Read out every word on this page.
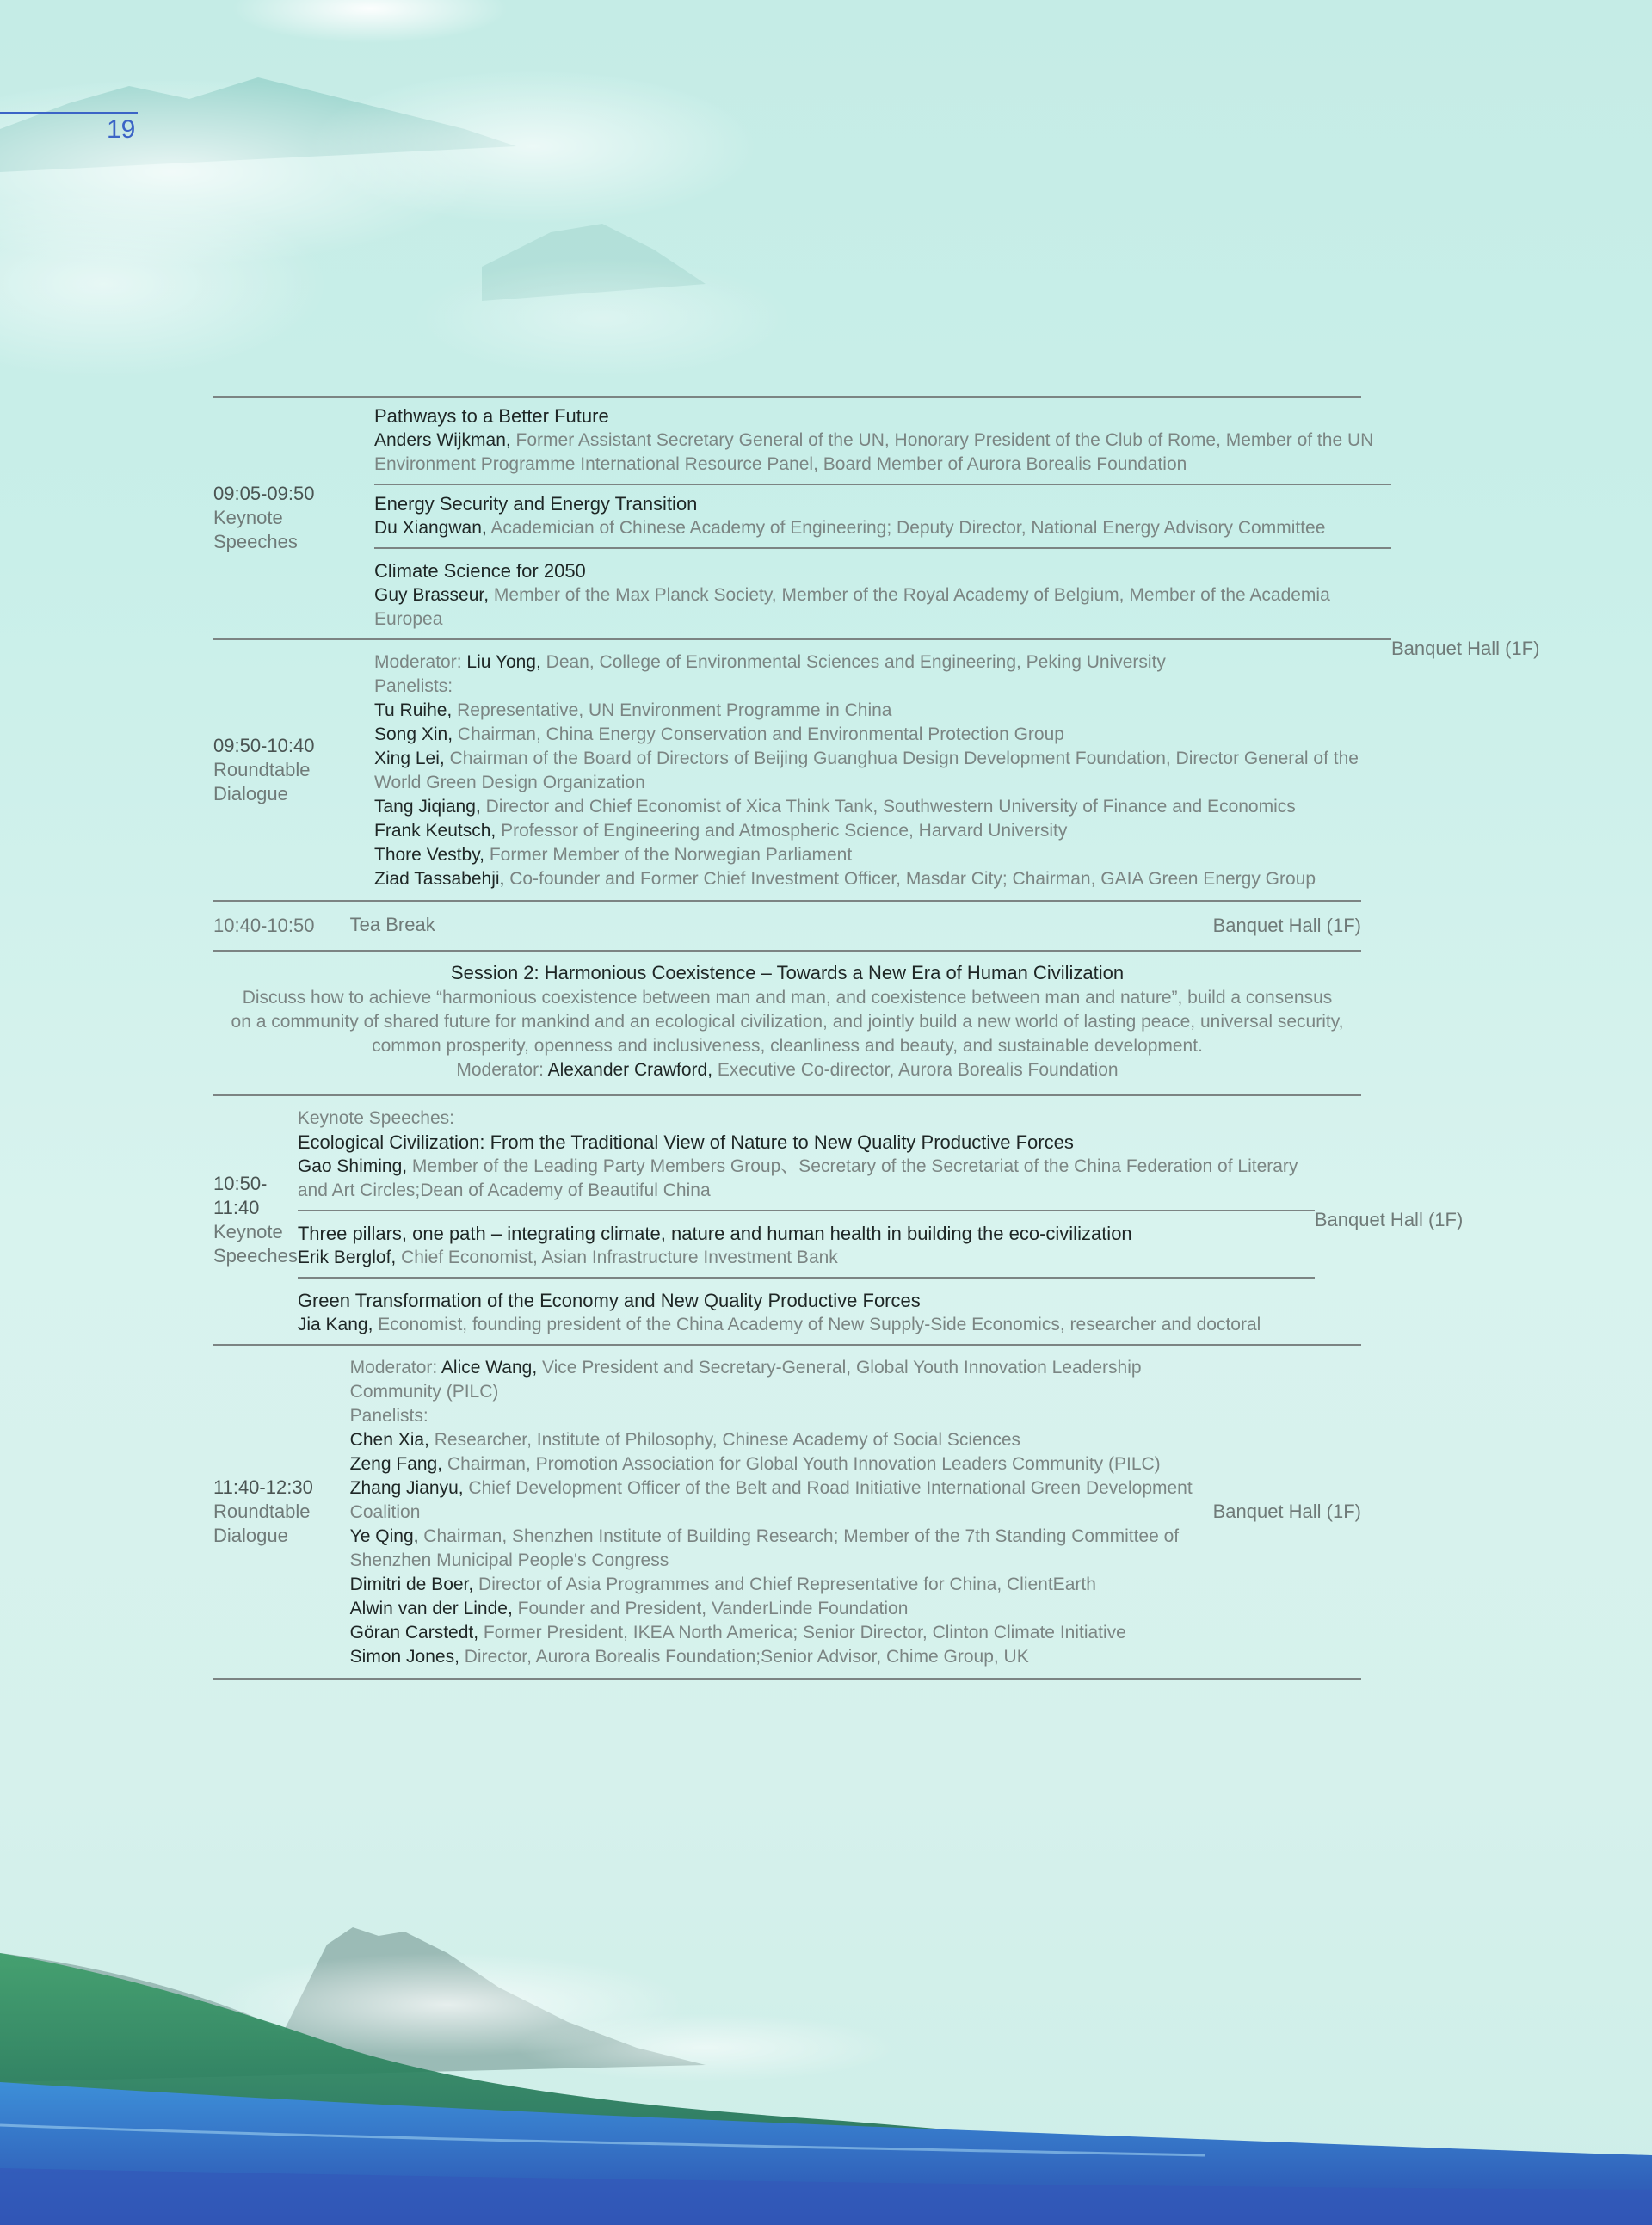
19
09:05-09:50
Keynote
Speeches
Pathways to a Better Future
Anders Wijkman, Former Assistant Secretary General of the UN, Honorary President of the Club of Rome, Member of the UN Environment Programme International Resource Panel, Board Member of Aurora Borealis Foundation
Energy Security and Energy Transition
Du Xiangwan, Academician of Chinese Academy of Engineering; Deputy Director, National Energy Advisory Committee
Climate Science for 2050
Guy Brasseur, Member of the Max Planck Society, Member of the Royal Academy of Belgium, Member of the Academia Europea
09:50-10:40
Roundtable
Dialogue
Moderator: Liu Yong, Dean, College of Environmental Sciences and Engineering, Peking University
Panelists:
Tu Ruihe, Representative, UN Environment Programme in China
Song Xin, Chairman, China Energy Conservation and Environmental Protection Group
Xing Lei, Chairman of the Board of Directors of Beijing Guanghua Design Development Foundation, Director General of the World Green Design Organization
Tang Jiqiang, Director and Chief Economist of Xica Think Tank, Southwestern University of Finance and Economics
Frank Keutsch, Professor of Engineering and Atmospheric Science, Harvard University
Thore Vestby, Former Member of the Norwegian Parliament
Ziad Tassabehji, Co-founder and Former Chief Investment Officer, Masdar City; Chairman, GAIA Green Energy Group
Banquet Hall (1F)
10:40-10:50	Tea Break	Banquet Hall (1F)
Session 2: Harmonious Coexistence – Towards a New Era of Human Civilization
Discuss how to achieve “harmonious coexistence between man and man, and coexistence between man and nature”, build a consensus on a community of shared future for mankind and an ecological civilization, and jointly build a new world of lasting peace, universal security, common prosperity, openness and inclusiveness, cleanliness and beauty, and sustainable development.
Moderator: Alexander Crawford, Executive Co-director, Aurora Borealis Foundation
10:50-11:40
Keynote
Speeches
Keynote Speeches:
Ecological Civilization: From the Traditional View of Nature to New Quality Productive Forces
Gao Shiming, Member of the Leading Party Members Group、Secretary of the Secretariat of the China Federation of Literary and Art Circles;Dean of Academy of Beautiful China
Three pillars, one path – integrating climate, nature and human health in building the eco-civilization
Erik Berglof, Chief Economist, Asian Infrastructure Investment Bank
Green Transformation of the Economy and New Quality Productive Forces
Jia Kang, Economist, founding president of the China Academy of New Supply-Side Economics, researcher and doctoral
Banquet Hall (1F)
11:40-12:30
Roundtable
Dialogue
Moderator: Alice Wang, Vice President and Secretary-General, Global Youth Innovation Leadership Community (PILC)
Panelists:
Chen Xia, Researcher, Institute of Philosophy, Chinese Academy of Social Sciences
Zeng Fang, Chairman, Promotion Association for Global Youth Innovation Leaders Community (PILC)
Zhang Jianyu, Chief Development Officer of the Belt and Road Initiative International Green Development Coalition
Ye Qing, Chairman, Shenzhen Institute of Building Research; Member of the 7th Standing Committee of Shenzhen Municipal People's Congress
Dimitri de Boer, Director of Asia Programmes and Chief Representative for China, ClientEarth
Alwin van der Linde, Founder and President, VanderLinde Foundation
Göran Carstedt, Former President, IKEA North America; Senior Director, Clinton Climate Initiative
Simon Jones, Director, Aurora Borealis Foundation;Senior Advisor, Chime Group, UK
Banquet Hall (1F)
